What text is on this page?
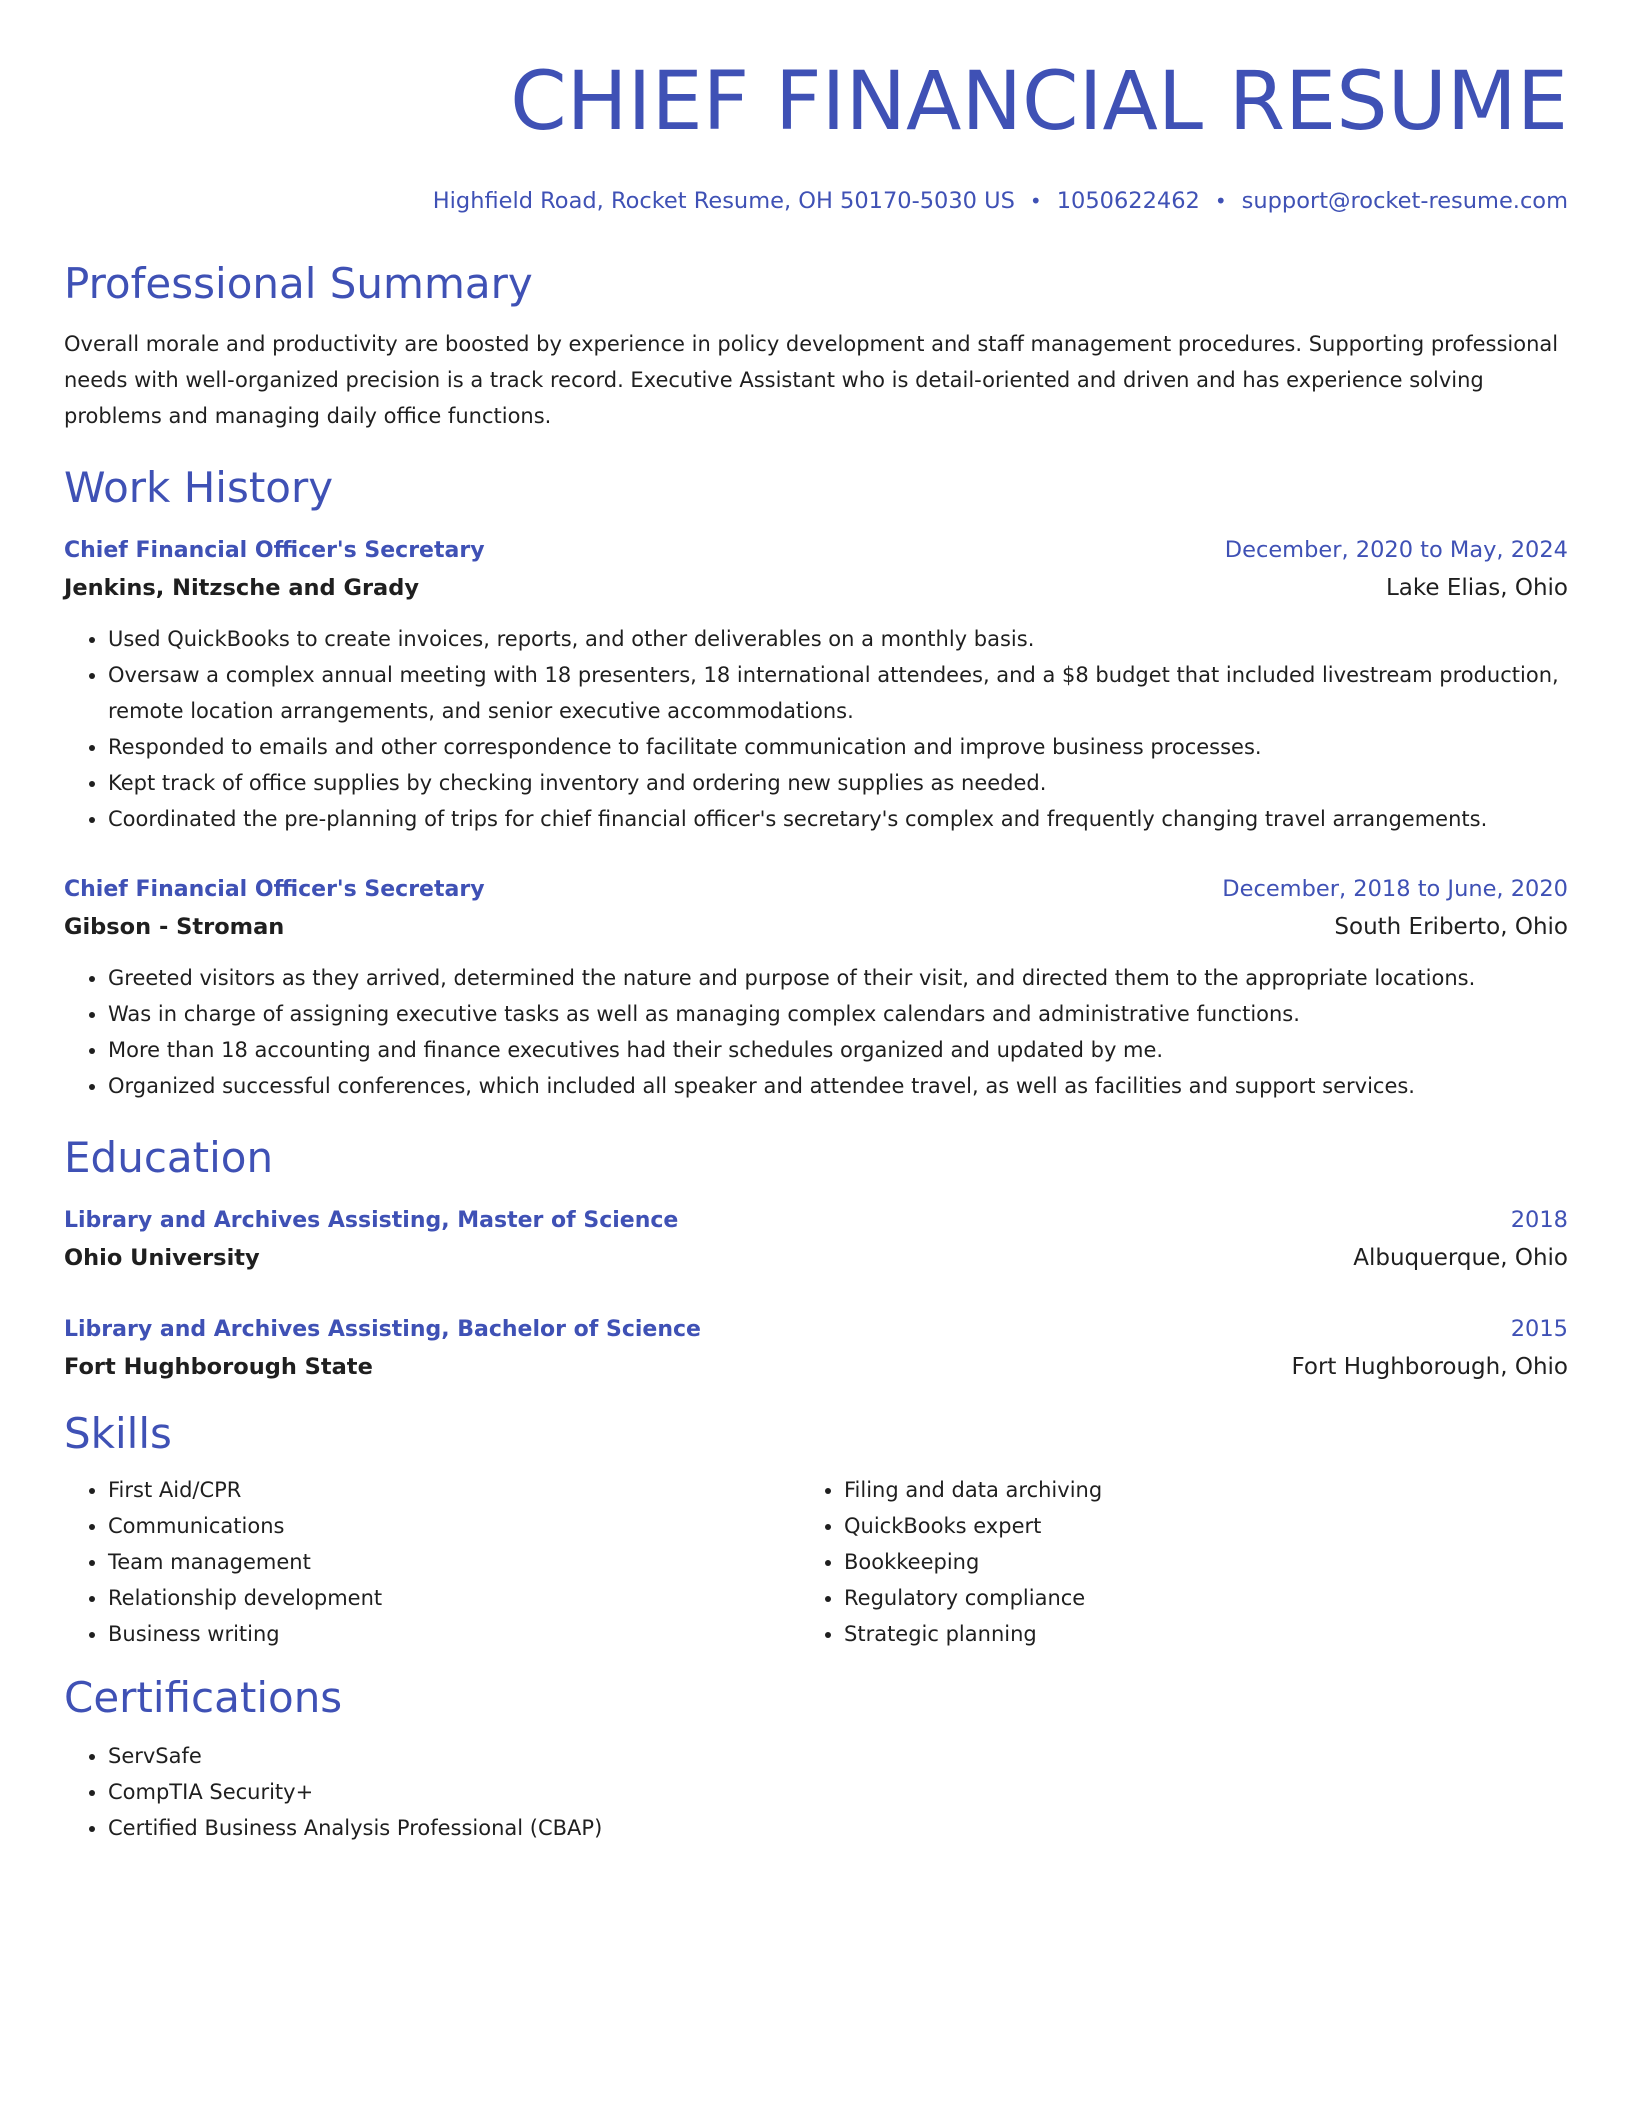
CHIEF FINANCIAL RESUME
Highfield Road, Rocket Resume, OH 50170-5030 US • 1050622462 • support@rocket-resume.com
Professional Summary
Overall morale and productivity are boosted by experience in policy development and staff management procedures. Supporting professional needs with well-organized precision is a track record. Executive Assistant who is detail-oriented and driven and has experience solving problems and managing daily office functions.
Work History
Chief Financial Officer's Secretary	December, 2020 to May, 2024
Jenkins, Nitzsche and Grady	Lake Elias, Ohio
• Used QuickBooks to create invoices, reports, and other deliverables on a monthly basis.
• Oversaw a complex annual meeting with 18 presenters, 18 international attendees, and a $8 budget that included livestream production, remote location arrangements, and senior executive accommodations.
• Responded to emails and other correspondence to facilitate communication and improve business processes.
• Kept track of office supplies by checking inventory and ordering new supplies as needed.
• Coordinated the pre-planning of trips for chief financial officer's secretary's complex and frequently changing travel arrangements.
Chief Financial Officer's Secretary	December, 2018 to June, 2020
Gibson - Stroman	South Eriberto, Ohio
• Greeted visitors as they arrived, determined the nature and purpose of their visit, and directed them to the appropriate locations.
• Was in charge of assigning executive tasks as well as managing complex calendars and administrative functions.
• More than 18 accounting and finance executives had their schedules organized and updated by me.
• Organized successful conferences, which included all speaker and attendee travel, as well as facilities and support services.
Education
Library and Archives Assisting, Master of Science	2018
Ohio University	Albuquerque, Ohio
Library and Archives Assisting, Bachelor of Science	2015
Fort Hughborough State	Fort Hughborough, Ohio
Skills
• First Aid/CPR
• Communications
• Team management
• Relationship development
• Business writing
• Filing and data archiving
• QuickBooks expert
• Bookkeeping
• Regulatory compliance
• Strategic planning
Certifications
• ServSafe
• CompTIA Security+
• Certified Business Analysis Professional (CBAP)
